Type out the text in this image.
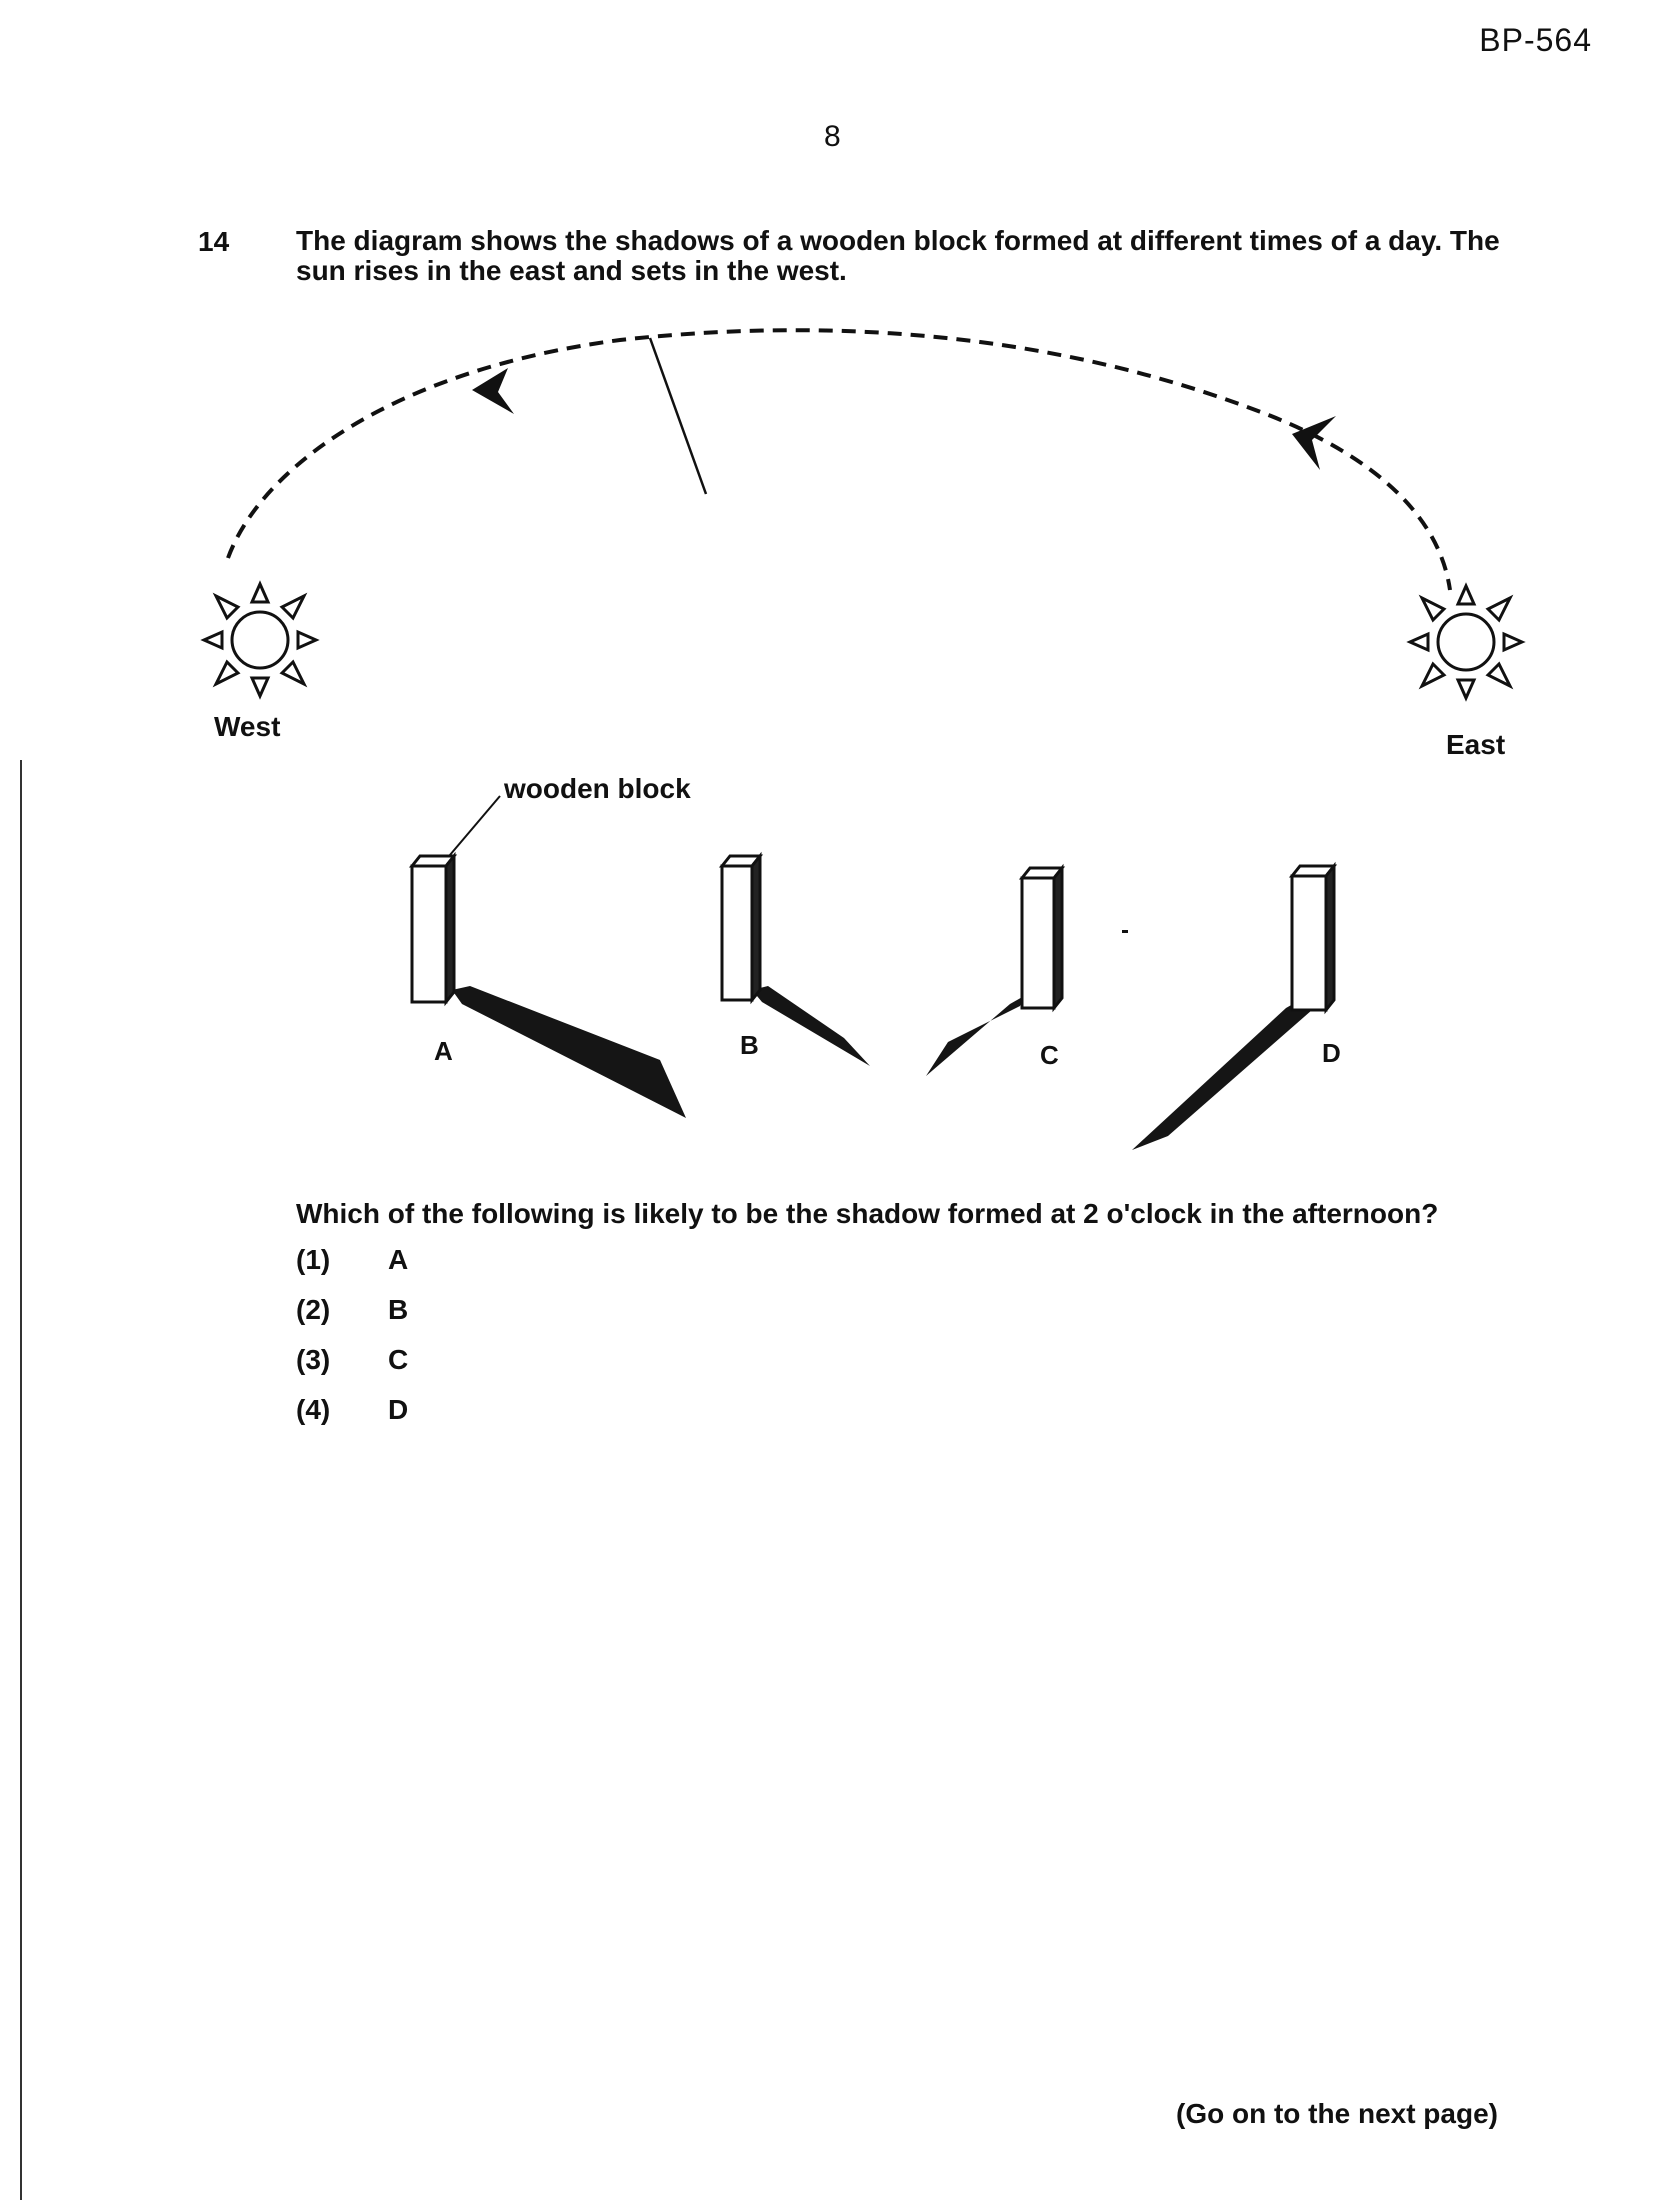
BP-564
8
14 The diagram shows the shadows of a wooden block formed at different times of a day. The sun rises in the east and sets in the west.
West
East
wooden block
A	B	C	D
Which of the following is likely to be the shadow formed at 2 o'clock in the afternoon?
(1)	A
(2)	B
(3)	C
(4)	D
(Go on to the next page)
